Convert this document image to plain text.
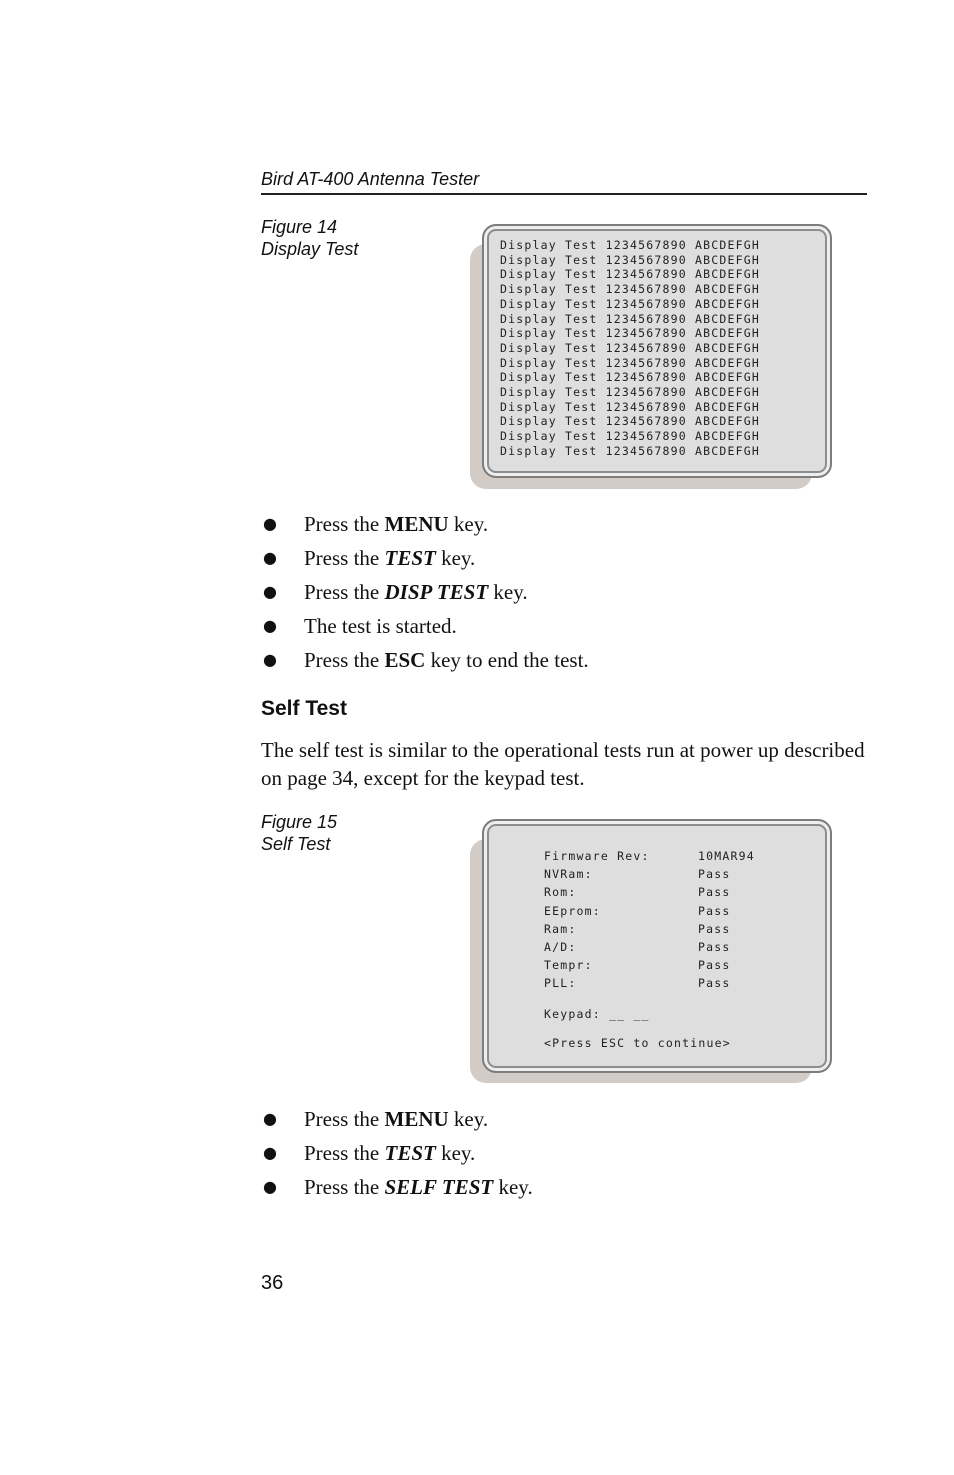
Bird AT-400 Antenna Tester
Figure 14
Display Test	Display Test 1234567890 ABCDEFGH
Display Test 1234567890 ABCDEFGH
Display Test 1234567890 ABCDEFGH
Display Test 1234567890 ABCDEFGH
Display Test 1234567890 ABCDEFGH
Display Test 1234567890 ABCDEFGH
Display Test 1234567890 ABCDEFGH
Display Test 1234567890 ABCDEFGH
Display Test 1234567890 ABCDEFGH
Display Test 1234567890 ABCDEFGH
Display Test 1234567890 ABCDEFGH
Display Test 1234567890 ABCDEFGH
Display Test 1234567890 ABCDEFGH
Display Test 1234567890 ABCDEFGH
Display Test 1234567890 ABCDEFGH
● Press the MENU key.
● Press the TEST key.
● Press the DISP TEST key.
● The test is started.
● Press the ESC key to end the test.
Self Test
The self test is similar to the operational tests run at power up described on page 34, except for the keypad test.
Figure 15
Self Test
Firmware Rev:	10MAR94
NVRam:	Pass
Rom:	Pass
EEprom:	Pass
Ram:	Pass
A/D:	Pass
Tempr:	Pass
PLL:	Pass
Keypad: __ __
<Press ESC to continue>
● Press the MENU key.
● Press the TEST key.
● Press the SELF TEST key.
36
